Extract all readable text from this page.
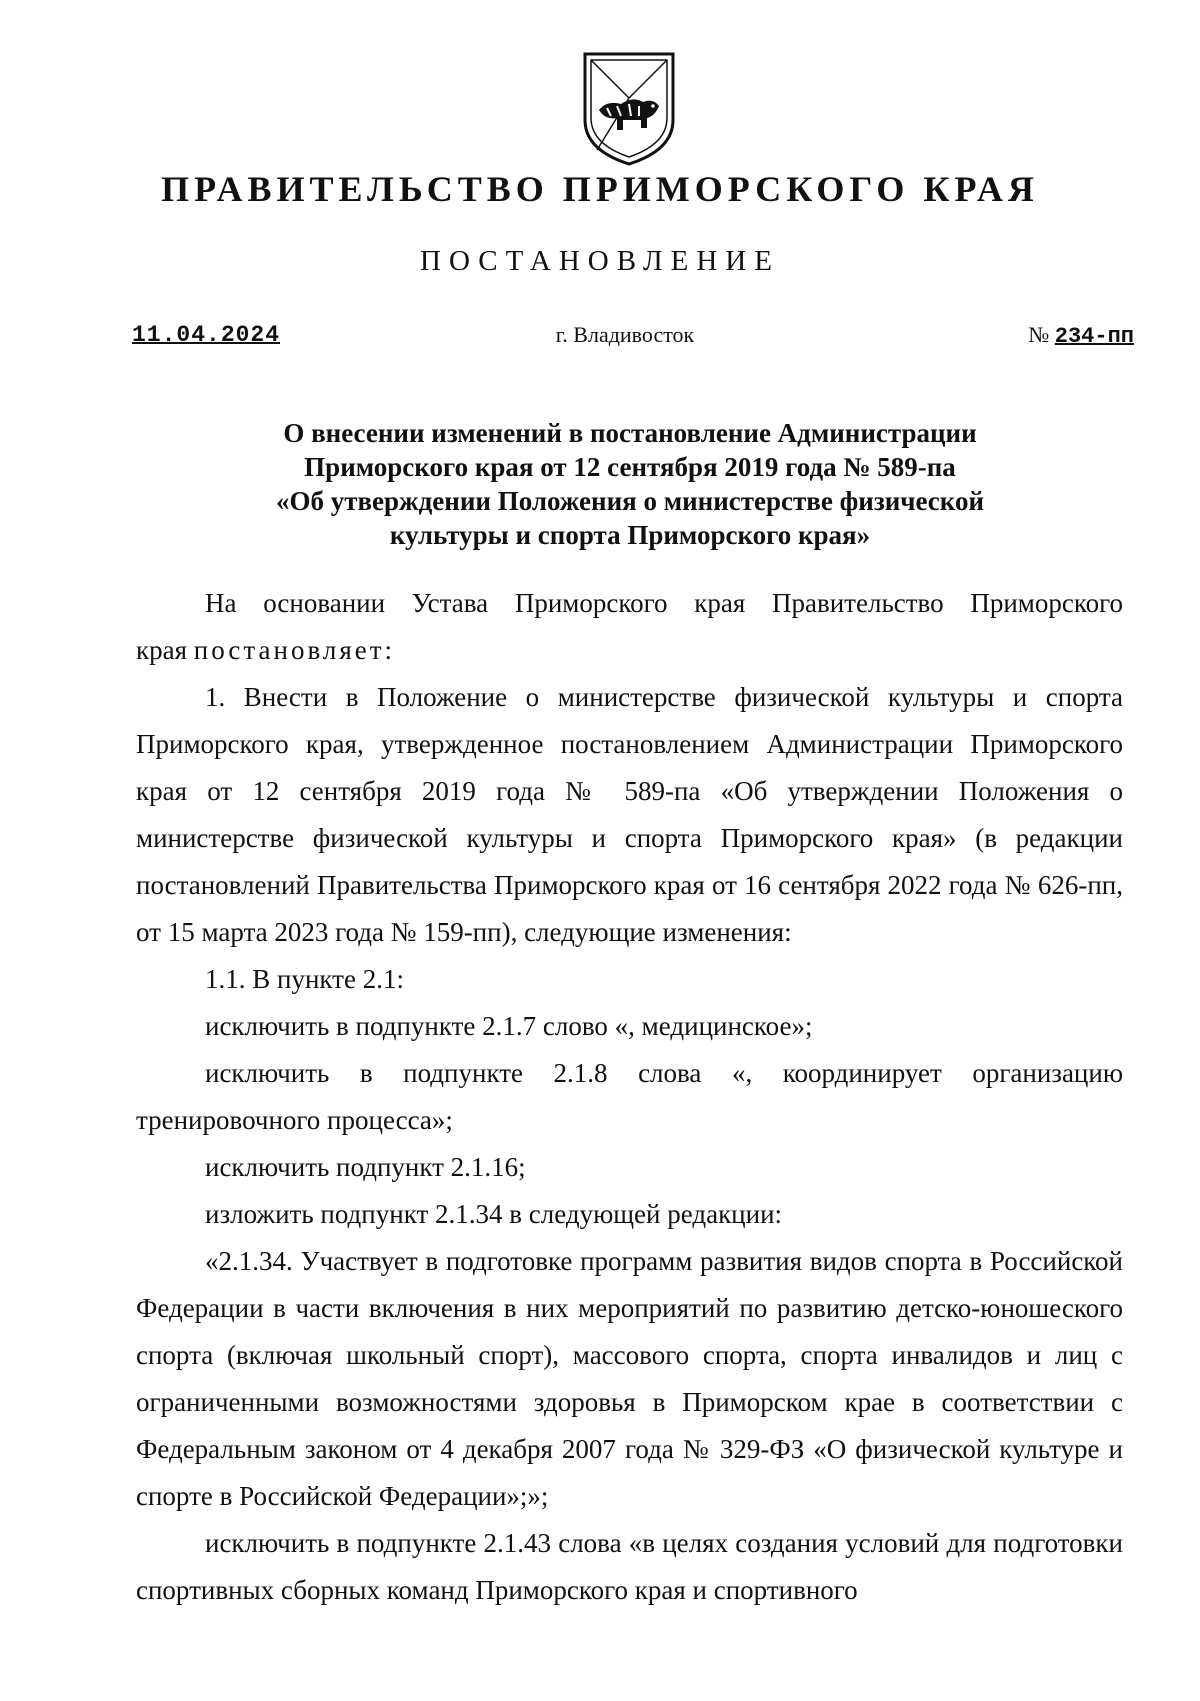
ПРАВИТЕЛЬСТВО ПРИМОРСКОГО КРАЯ
ПОСТАНОВЛЕНИЕ
11.04.2024	г. Владивосток	№ 234-пп
О внесении изменений в постановление Администрации
Приморского края от 12 сентября 2019 года № 589-па
«Об утверждении Положения о министерстве физической
культуры и спорта Приморского края»

На основании Устава Приморского края Правительство Приморского

края постановляет:

1. Внести в Положение о министерстве физической культуры и спорта Приморского края, утвержденное постановлением Администрации Приморского края от 12 сентября 2019 года № 589-па «Об утверждении Положения о министерстве физической культуры и спорта Приморского края» (в редакции постановлений Правительства Приморского края от 16 сентября 2022 года № 626-пп, от 15 марта 2023 года № 159-пп), следующие изменения:

1.1. В пункте 2.1:

исключить в подпункте 2.1.7 слово «, медицинское»;

исключить в подпункте 2.1.8 слова «, координирует организацию тренировочного процесса»;

исключить подпункт 2.1.16;

изложить подпункт 2.1.34 в следующей редакции:

«2.1.34. Участвует в подготовке программ развития видов спорта в Российской Федерации в части включения в них мероприятий по развитию детско-юношеского спорта (включая школьный спорт), массового спорта, спорта инвалидов и лиц с ограниченными возможностями здоровья в Приморском крае в соответствии с Федеральным законом от 4 декабря 2007 года № 329-ФЗ «О физической культуре и спорте в Российской Федерации»;»;

исключить в подпункте 2.1.43 слова «в целях создания условий для подготовки спортивных сборных команд Приморского края и спортивного
